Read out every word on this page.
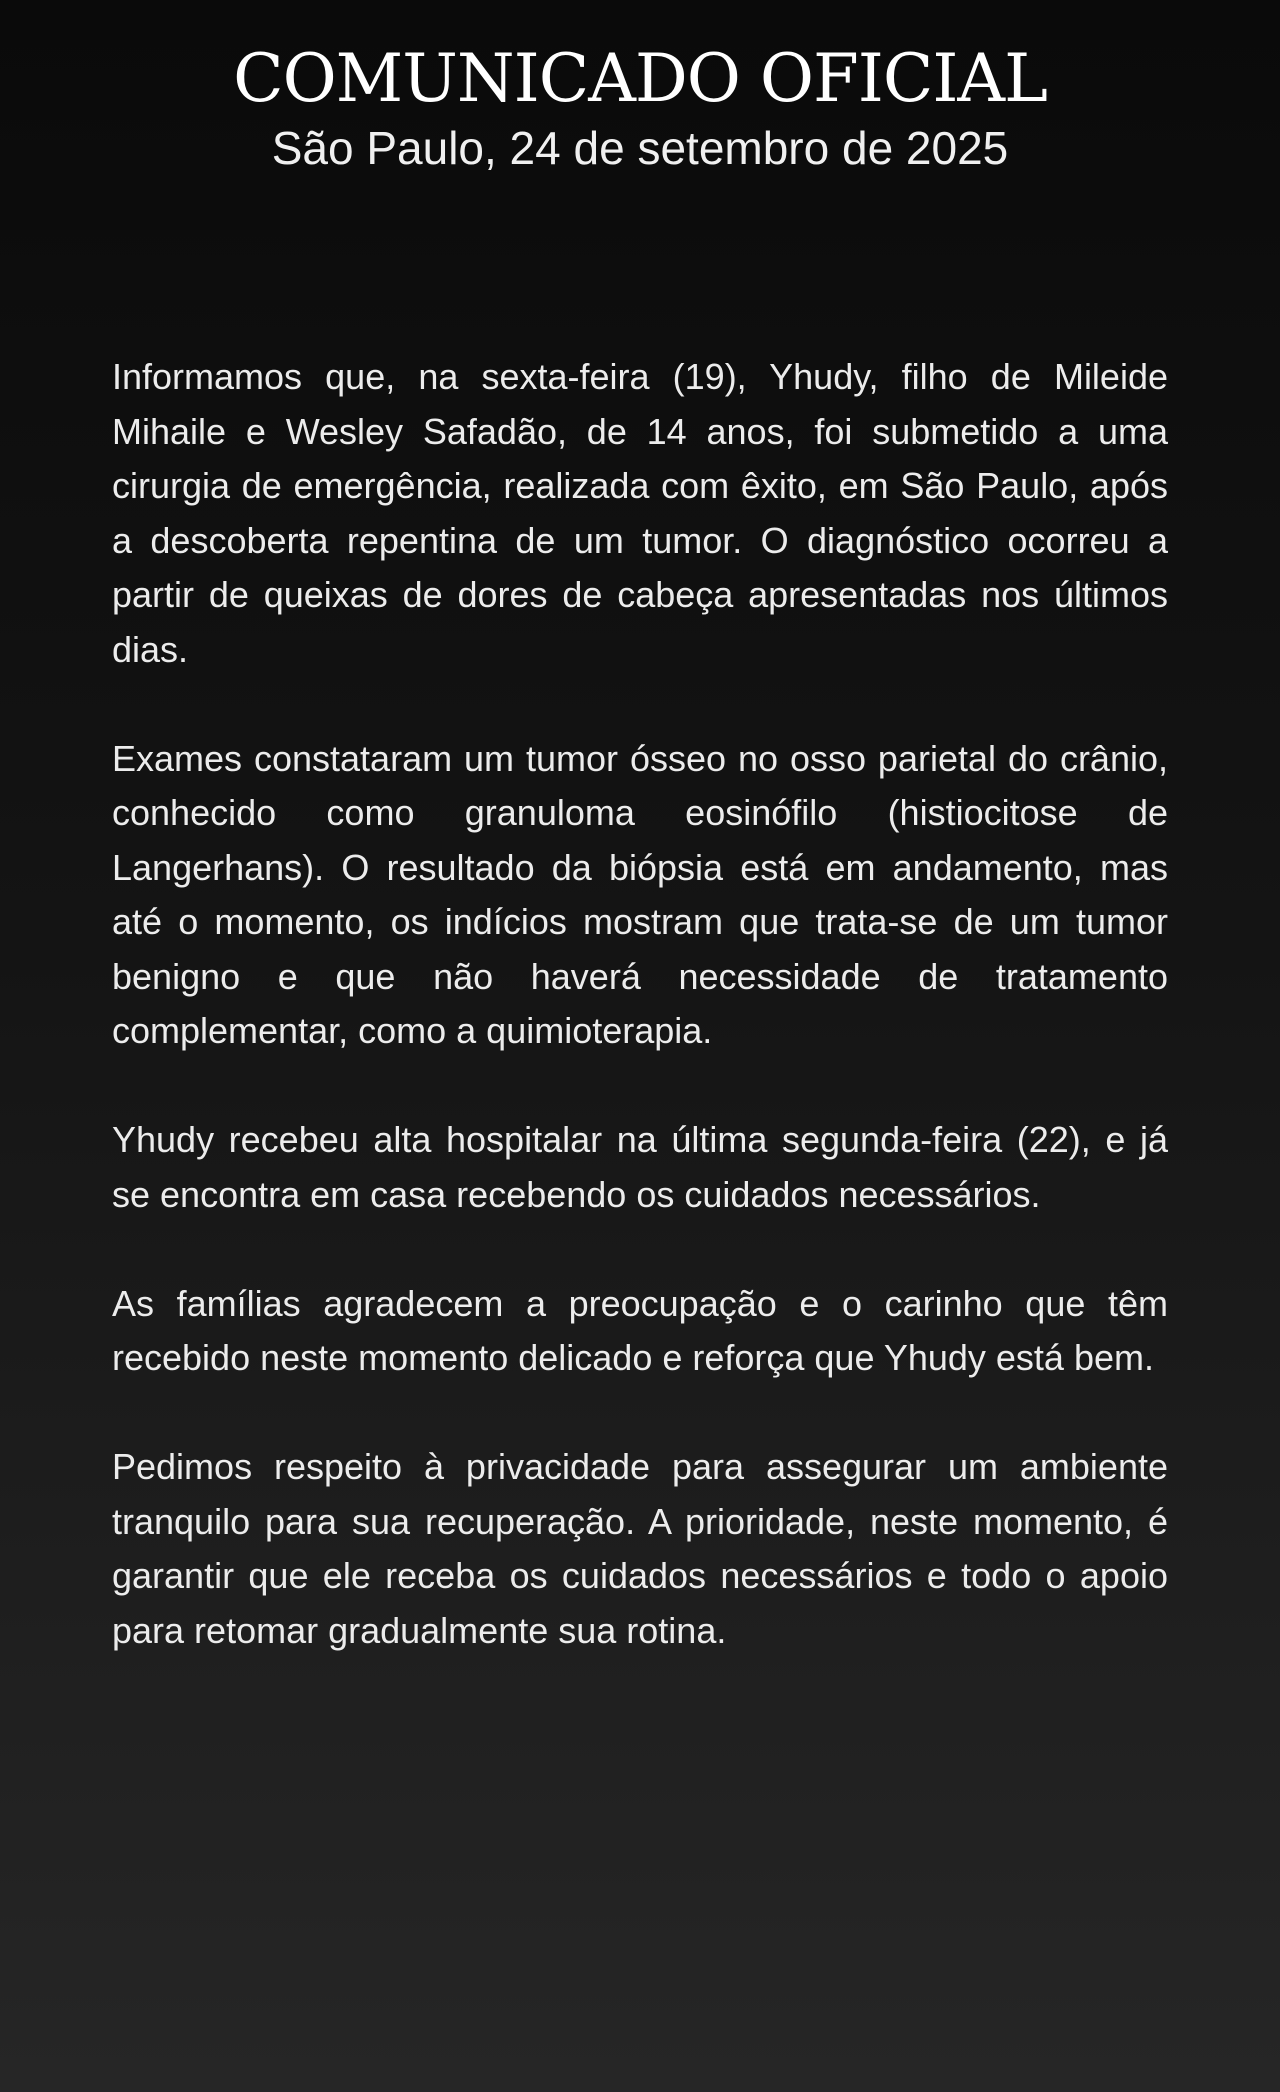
COMUNICADO OFICIAL
São Paulo, 24 de setembro de 2025

Informamos que, na sexta-feira (19), Yhudy, filho de Mileide Mihaile e Wesley Safadão, de 14 anos, foi submetido a uma cirurgia de emergência, realizada com êxito, em São Paulo, após a descoberta repentina de um tumor. O diagnóstico ocorreu a partir de queixas de dores de cabeça apresentadas nos últimos dias.

Exames constataram um tumor ósseo no osso parietal do crânio, conhecido como granuloma eosinófilo (histiocitose de Langerhans). O resultado da biópsia está em andamento, mas até o momento, os indícios mostram que trata-se de um tumor benigno e que não haverá necessidade de tratamento complementar, como a quimioterapia.

Yhudy recebeu alta hospitalar na última segunda-feira (22), e já se encontra em casa recebendo os cuidados necessários.

As famílias agradecem a preocupação e o carinho que têm recebido neste momento delicado e reforça que Yhudy está bem.

Pedimos respeito à privacidade para assegurar um ambiente tranquilo para sua recuperação. A prioridade, neste momento, é garantir que ele receba os cuidados necessários e todo o apoio para retomar gradualmente sua rotina.
